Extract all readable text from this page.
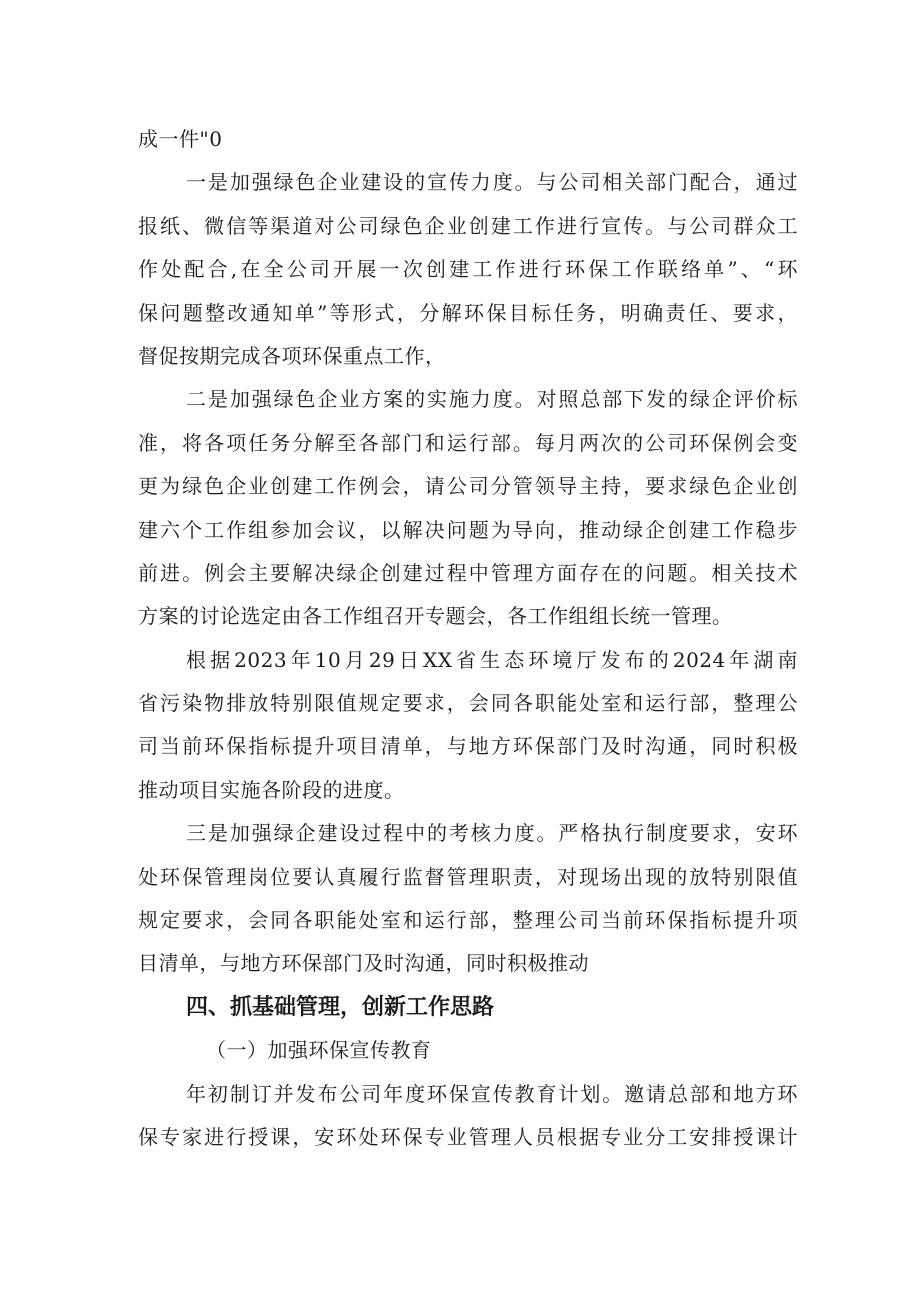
成一件"0
一是加强绿色企业建设的宣传力度。与公司相关部门配合，通过
报纸、微信等渠道对公司绿色企业创建工作进行宣传。与公司群众工
作处配合,在全公司开展一次创建工作进行环保工作联络单”、“环
保问题整改通知单”等形式，分解环保目标任务，明确责任、要求，
督促按期完成各项环保重点工作，
二是加强绿色企业方案的实施力度。对照总部下发的绿企评价标
准，将各项任务分解至各部门和运行部。每月两次的公司环保例会变
更为绿色企业创建工作例会，请公司分管领导主持，要求绿色企业创
建六个工作组参加会议，以解决问题为导向，推动绿企创建工作稳步
前进。例会主要解决绿企创建过程中管理方面存在的问题。相关技术
方案的讨论选定由各工作组召开专题会，各工作组组长统一管理。
根据2023年10月29日XX省生态环境厅发布的2024年湖南
省污染物排放特别限值规定要求，会同各职能处室和运行部，整理公
司当前环保指标提升项目清单，与地方环保部门及时沟通，同时积极
推动项目实施各阶段的进度。
三是加强绿企建设过程中的考核力度。严格执行制度要求，安环
处环保管理岗位要认真履行监督管理职责，对现场出现的放特别限值
规定要求，会同各职能处室和运行部，整理公司当前环保指标提升项
目清单，与地方环保部门及时沟通，同时积极推动
四、抓基础管理，创新工作思路
（一）加强环保宣传教育
年初制订并发布公司年度环保宣传教育计划。邀请总部和地方环
保专家进行授课，安环处环保专业管理人员根据专业分工安排授课计
